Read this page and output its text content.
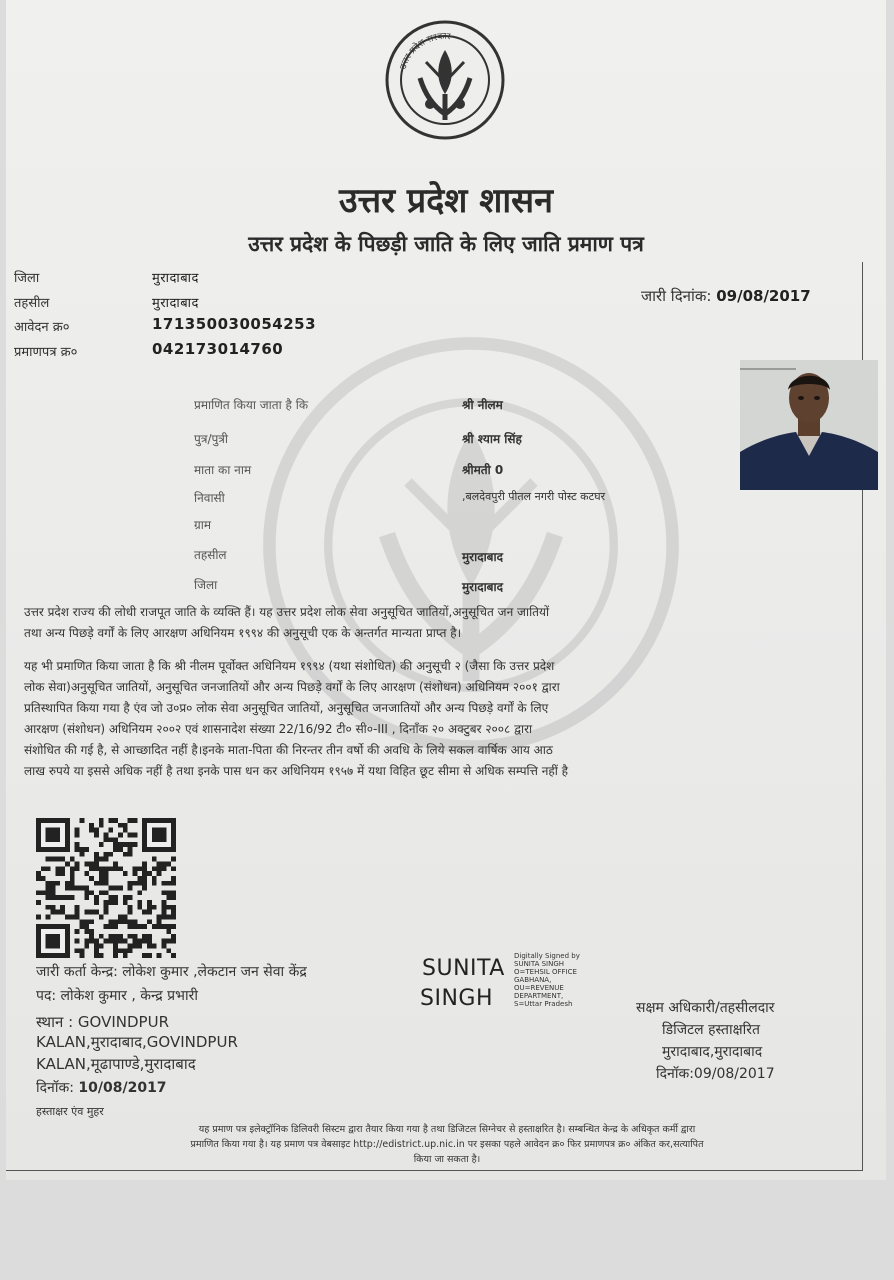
उत्तर प्रदेश सरकार
उत्तर प्रदेश शासन
उत्तर प्रदेश के पिछड़ी जाति के लिए जाति प्रमाण पत्र
जिला	मुरादाबाद
तहसील	मुरादाबाद
आवेदन क्र०	171350030054253
प्रमाणपत्र क्र०	042173014760
जारी दिनांक: 09/08/2017
प्रमाणित किया जाता है कि	श्री नीलम
पुत्र/पुत्री	श्री श्याम सिंह
माता का नाम	श्रीमती 0
निवासी	,बलदेवपुरी पीतल नगरी पोस्ट कटघर
ग्राम
तहसील	मुरादाबाद
जिला	मुरादाबाद
उत्तर प्रदेश राज्य की लोधी राजपूत जाति के व्यक्ति हैं। यह उत्तर प्रदेश लोक सेवा अनुसूचित जातियों,अनुसूचित जन जातियों
तथा अन्य पिछड़े वर्गों के लिए आरक्षण अधिनियम १९९४ की अनुसूची एक के अन्तर्गत मान्यता प्राप्त है।
यह भी प्रमाणित किया जाता है कि श्री नीलम पूर्वोक्त अधिनियम १९९४ (यथा संशोधित) की अनुसूची २ (जैसा कि उत्तर प्रदेश
लोक सेवा)अनुसूचित जातियों, अनुसूचित जनजातियों और अन्य पिछड़े वर्गों के लिए आरक्षण (संशोधन) अधिनियम २००१ द्वारा
प्रतिस्थापित किया गया है एंव जो उ०प्र० लोक सेवा अनुसूचित जातियों, अनुसूचित जनजातियों और अन्य पिछड़े वर्गों के लिए
आरक्षण (संशोधन) अधिनियम २००२ एवं शासनादेश संख्या 22/16/92 टी० सी०-III , दिनाँक २० अक्टुबर २००८ द्वारा
संशोधित की गई है, से आच्छादित नहीं है।इनके माता-पिता की निरन्तर तीन वर्षो की अवधि के लिये सकल वार्षिक आय आठ
लाख रुपये या इससे अधिक नहीं है तथा इनके पास धन कर अधिनियम १९५७ में यथा विहित छूट सीमा से अधिक सम्पत्ति नहीं है
जारी कर्ता केन्द्र: लोकेश कुमार ,लेकटान जन सेवा केंद्र
पद: लोकेश कुमार , केन्द्र प्रभारी
स्थान : GOVINDPUR
KALAN,मुरादाबाद,GOVINDPUR
KALAN,मूढापाण्डे,मुरादाबाद
दिनॉक: 10/08/2017
हस्ताक्षर एंव मुहर
SUNITA
SINGH
Digitally Signed by
SUNITA SINGH
O=TEHSIL OFFICE
GABHANA,
OU=REVENUE
DEPARTMENT,
S=Uttar Pradesh	सक्षम अधिकारी/तहसीलदार
डिजिटल हस्ताक्षरित
मुरादाबाद,मुरादाबाद
दिनॉक:09/08/2017
यह प्रमाण पत्र इलेक्ट्रॉनिक डिलिवरी सिस्टम द्वारा तैयार किया गया है तथा डिजिटल सिग्नेचर से हस्ताक्षरित है। सम्बन्धित केन्द्र के अधिकृत कर्मी द्वारा
प्रमाणित किया गया है। यह प्रमाण पत्र वेबसाइट http://edistrict.up.nic.in पर इसका पहले आवेदन क्र० फिर प्रमाणपत्र क्र० अंकित कर,सत्यापित
किया जा सकता है।
